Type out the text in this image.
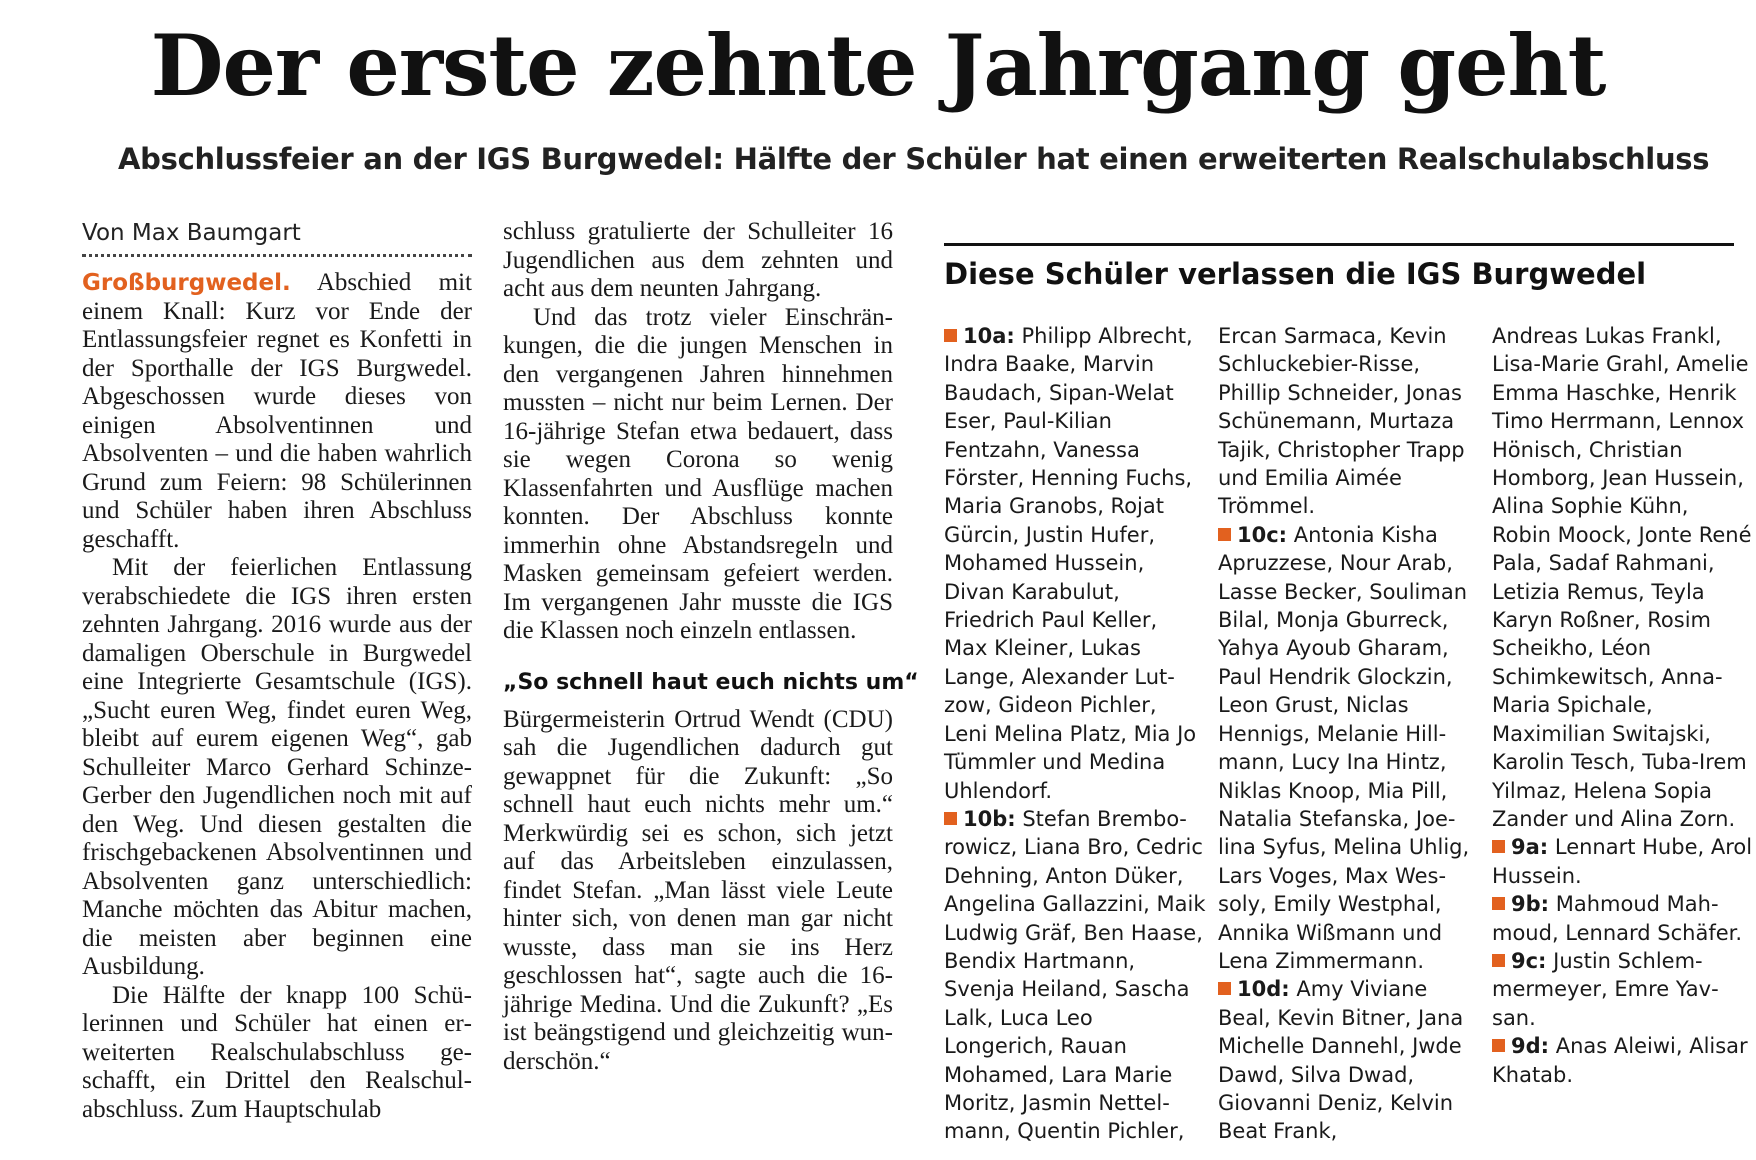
Der erste zehnte Jahrgang geht
Abschlussfeier an der IGS Burgwedel: Hälfte der Schüler hat einen erweiterten Realschulabschluss
Von Max Baumgart

Großburgwedel. Abschied mit einem Knall: Kurz vor Ende der Entlassungsfeier regnet es Konfetti in der Sporthalle der IGS Burgwedel. Abgeschossen wurde dieses von einigen Absolventinnen und Absolventen – und die haben wahrlich Grund zum Feiern: 98 Schülerinnen und Schüler haben ihren Abschluss geschafft.

Mit der feierlichen Entlassung verabschiedete die IGS ihren ersten zehnten Jahrgang. 2016 wurde aus der damaligen Oberschule in Burgwedel eine Integrierte Gesamtschule (IGS). „Sucht euren Weg, findet euren Weg, bleibt auf eurem eigenen Weg“, gab Schulleiter Marco Gerhard Schinze-Gerber den Jugendlichen noch mit auf den Weg. Und diesen gestalten die frischgebackenen Absolventinnen und Absolventen ganz unterschiedlich: Manche möchten das Abitur machen, die meisten aber beginnen eine Ausbildung.

Die Hälfte der knapp 100 Schülerinnen und Schüler hat einen erweiterten Realschulabschluss geschafft, ein Drittel den Realschulabschluss. Zum Hauptschulab

schluss gratulierte der Schulleiter 16 Jugendlichen aus dem zehnten und acht aus dem neunten Jahrgang.

Und das trotz vieler Einschränkungen, die die jungen Menschen in den vergangenen Jahren hinnehmen mussten – nicht nur beim Lernen. Der 16-jährige Stefan etwa bedauert, dass sie wegen Corona so wenig Klassenfahrten und Ausflüge machen konnten. Der Abschluss konnte immerhin ohne Abstandsregeln und Masken gemeinsam gefeiert werden. Im vergangenen Jahr musste die IGS die Klassen noch einzeln entlassen.

„So schnell haut euch nichts um“

Bürgermeisterin Ortrud Wendt (CDU) sah die Jugendlichen dadurch gut gewappnet für die Zukunft: „So schnell haut euch nichts mehr um.“ Merkwürdig sei es schon, sich jetzt auf das Arbeitsleben einzulassen, findet Stefan. „Man lässt viele Leute hinter sich, von denen man gar nicht wusste, dass man sie ins Herz geschlossen hat“, sagte auch die 16-jährige Medina. Und die Zukunft? „Es ist beängstigend und gleichzeitig wunderschön.“

Diese Schüler verlassen die IGS Burgwedel

10a: Philipp Albrecht, Indra Baake, Marvin Baudach, Sipan-Welat Eser, Paul-Kilian Fentzahn, Vanessa Förster, Henning Fuchs, Maria Granobs, Rojat Gürcin, Justin Hufer, Mohamed Hussein, Divan Karabulut, Friedrich Paul Keller, Max Kleiner, Lukas Lange, Alexander Lutzow, Gideon Pichler, Leni Melina Platz, Mia Jo Tümmler und Medina Uhlendorf.

10b: Stefan Bremborowicz, Liana Bro, Cedric Dehning, Anton Düker, Angelina Gallazzini, Maik Ludwig Gräf, Ben Haase, Bendix Hartmann, Svenja Heiland, Sascha Lalk, Luca Leo Longerich, Rauan Mohamed, Lara Marie Moritz, Jasmin Nettelmann, Quentin Pichler,

Ercan Sarmaca, Kevin Schluckebier-Risse, Phillip Schneider, Jonas Schünemann, Murtaza Tajik, Christopher Trapp und Emilia Aimée Trömmel.

10c: Antonia Kisha Apruzzese, Nour Arab, Lasse Becker, Souliman Bilal, Monja Gburreck, Yahya Ayoub Gharam, Paul Hendrik Glockzin, Leon Grust, Niclas Hennigs, Melanie Hillmann, Lucy Ina Hintz, Niklas Knoop, Mia Pill, Natalia Stefanska, Joelina Syfus, Melina Uhlig, Lars Voges, Max Wessoly, Emily Westphal, Annika Wißmann und Lena Zimmermann.

10d: Amy Viviane Beal, Kevin Bitner, Jana Michelle Dannehl, Jwde Dawd, Silva Dwad, Giovanni Deniz, Kelvin Beat Frank,

Andreas Lukas Frankl, Lisa-Marie Grahl, Amelie Emma Haschke, Henrik Timo Herrmann, Lennox Hönisch, Christian Homborg, Jean Hussein, Alina Sophie Kühn, Robin Moock, Jonte René Pala, Sadaf Rahmani, Letizia Remus, Teyla Karyn Roßner, Rosim Scheikho, Léon Schimkewitsch, Anna-Maria Spichale, Maximilian Switajski, Karolin Tesch, Tuba-Irem Yilmaz, Helena Sopia Zander und Alina Zorn.

9a: Lennart Hube, Arol Hussein.

9b: Mahmoud Mahmoud, Lennard Schäfer.

9c: Justin Schlemmermeyer, Emre Yavsan.

9d: Anas Aleiwi, Alisar Khatab.
